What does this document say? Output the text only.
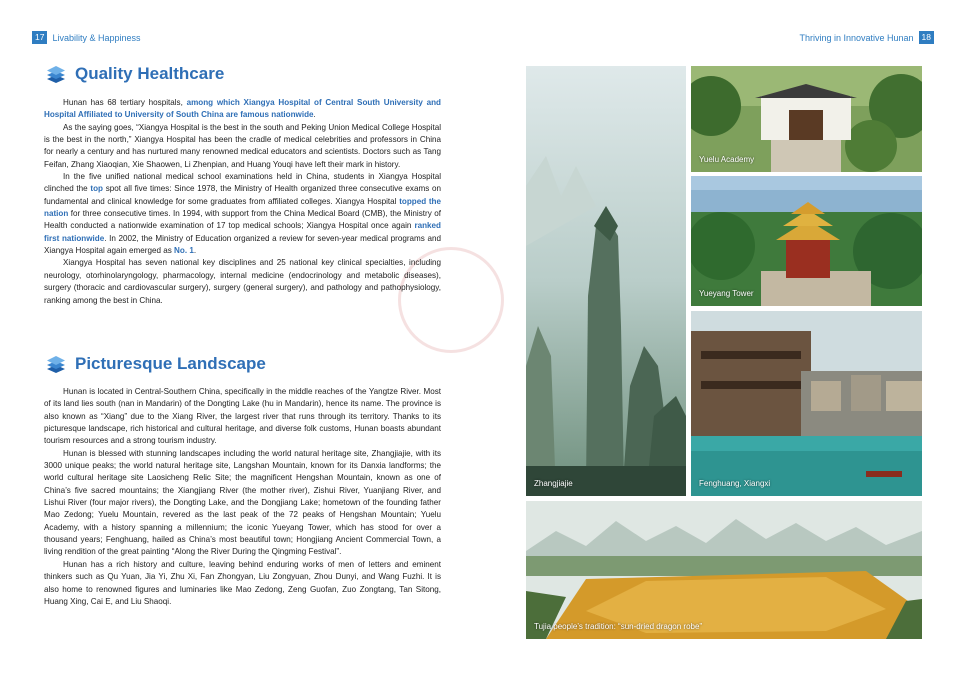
17 Livability & Happiness	Thriving in Innovative Hunan 18
Quality Healthcare

Hunan has 68 tertiary hospitals, among which Xiangya Hospital of Central South University and Hospital Affiliated to University of South China are famous nationwide.

As the saying goes, “Xiangya Hospital is the best in the south and Peking Union Medical College Hospital is the best in the north,” Xiangya Hospital has been the cradle of medical celebrities and professors in China for nearly a century and has nurtured many renowned medical educators and scientists. Doctors such as Tang Feifan, Zhang Xiaoqian, Xie Shaowen, Li Zhenpian, and Huang Youqi have left their mark in history.

In the five unified national medical school examinations held in China, students in Xiangya Hospital clinched the top spot all five times: Since 1978, the Ministry of Health organized three consecutive exams on fundamental and clinical knowledge for some graduates from affiliated colleges. Xiangya Hospital topped the nation for three consecutive times. In 1994, with support from the China Medical Board (CMB), the Ministry of Health conducted a nationwide examination of 17 top medical schools; Xiangya Hospital once again ranked first nationwide. In 2002, the Ministry of Education organized a review for seven-year medical programs and Xiangya Hospital again emerged as No. 1.

Xiangya Hospital has seven national key disciplines and 25 national key clinical specialties, including neurology, otorhinolaryngology, pharmacology, internal medicine (endocrinology and metabolic diseases), surgery (thoracic and cardiovascular surgery), surgery (general surgery), and pathology and pathophysiology, ranking among the best in China.

Picturesque Landscape

Hunan is located in Central-Southern China, specifically in the middle reaches of the Yangtze River. Most of its land lies south (nan in Mandarin) of the Dongting Lake (hu in Mandarin), hence its name. The province is also known as “Xiang” due to the Xiang River, the largest river that runs through its territory. Thanks to its picturesque landscape, rich historical and cultural heritage, and diverse folk customs, Hunan boasts abundant tourism resources and a strong tourism industry.

Hunan is blessed with stunning landscapes including the world natural heritage site, Zhangjiajie, with its 3000 unique peaks; the world natural heritage site, Langshan Mountain, known for its Danxia landforms; the world cultural heritage site Laosicheng Relic Site; the magnificent Hengshan Mountain, known as one of China’s five sacred mountains; the Xiangjiang River (the mother river), Zishui River, Yuanjiang River, and Lishui River (four major rivers), the Dongting Lake, and the Dongjiang Lake; hometown of the founding father Mao Zedong; Yuelu Mountain, revered as the last peak of the 72 peaks of Hengshan Mountain; Yuelu Academy, with a history spanning a millennium; the iconic Yueyang Tower, which has stood for over a thousand years; Fenghuang, hailed as China’s most beautiful town; Hongjiang Ancient Commercial Town, a living rendition of the great painting “Along the River During the Qingming Festival”.

Hunan has a rich history and culture, leaving behind enduring works of men of letters and eminent thinkers such as Qu Yuan, Jia Yi, Zhu Xi, Fan Zhongyan, Liu Zongyuan, Zhou Dunyi, and Wang Fuzhi. It is also home to renowned figures and luminaries like Mao Zedong, Zeng Guofan, Zuo Zongtang, Tan Sitong, Huang Xing, Cai E, and Liu Shaoqi.

Zhangjiajie
Yuelu Academy
Yueyang Tower
Fenghuang, Xiangxi
Tujia people’s tradition: “sun-dried dragon robe”
